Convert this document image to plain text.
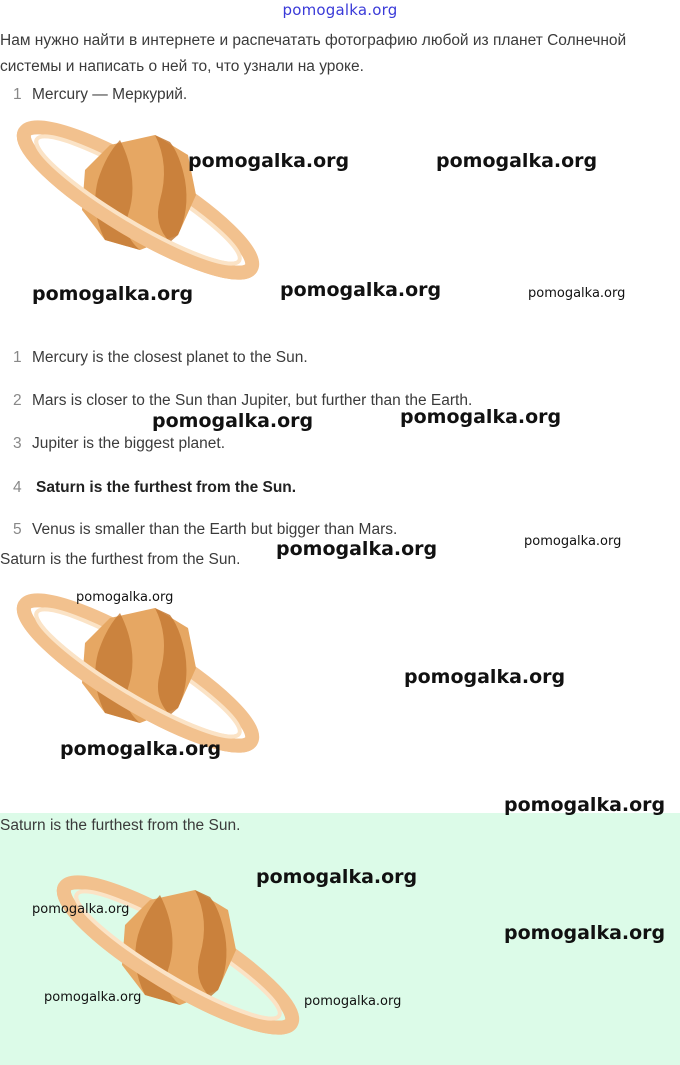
pomogalka.org
Нам нужно найти в интернете и распечатать фотографию любой из планет Солнечной системы и написать о ней то, что узнали на уроке.
1 Mercury — Меркурий.
pomogalka.org	pomogalka.org
pomogalka.org	pomogalka.org	pomogalka.org
1 Mercury is the closest planet to the Sun.
2 Mars is closer to the Sun than Jupiter, but further than the Earth.
3 Jupiter is the biggest planet.
4 Saturn is the furthest from the Sun.
5 Venus is smaller than the Earth but bigger than Mars.
pomogalka.org	pomogalka.org
Saturn is the furthest from the Sun. pomogalka.org	pomogalka.org
pomogalka.org
pomogalka.org
pomogalka.org
pomogalka.org
Saturn is the furthest from the Sun.
pomogalka.org
pomogalka.org
pomogalka.org
pomogalka.org	pomogalka.org
